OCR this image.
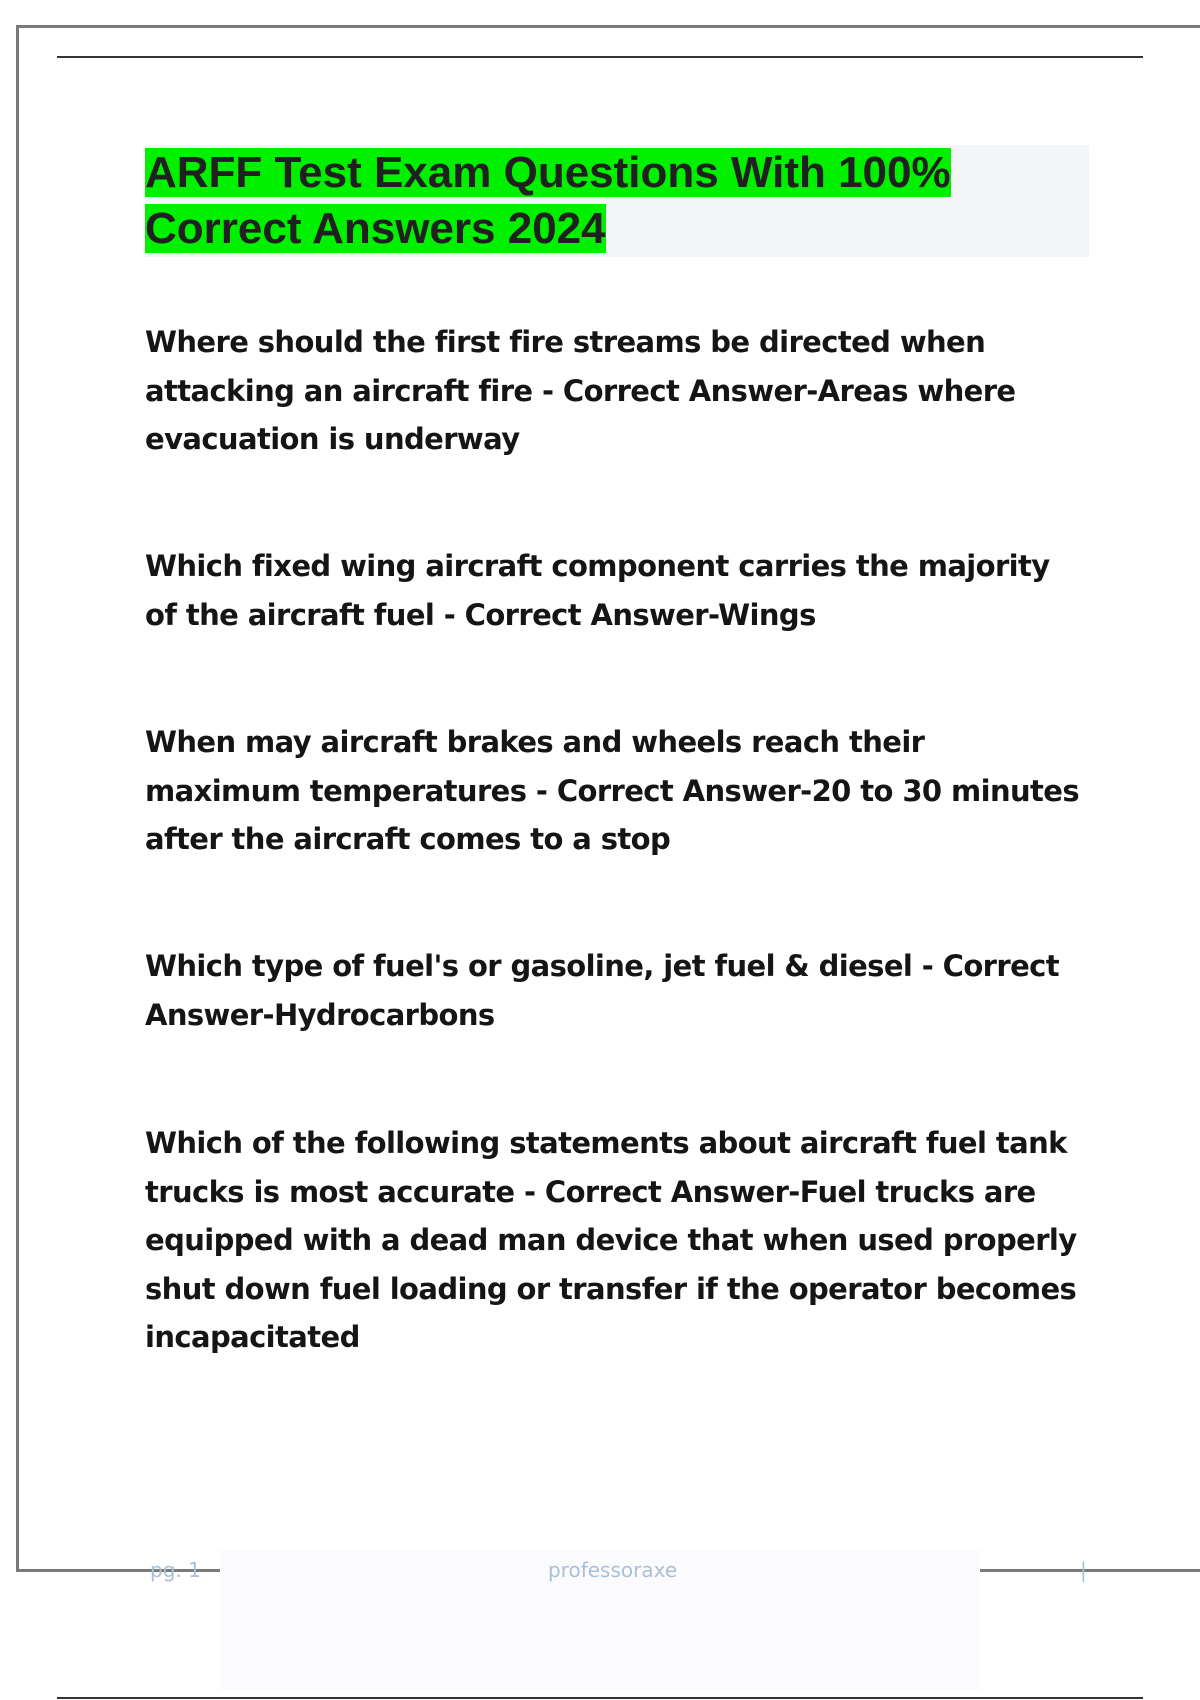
ARFF Test Exam Questions With 100%
Correct Answers 2024

Where should the first fire streams be directed when attacking an aircraft fire - Correct Answer-Areas where evacuation is underway

Which fixed wing aircraft component carries the majority of the aircraft fuel - Correct Answer-Wings

When may aircraft brakes and wheels reach their maximum temperatures - Correct Answer-20 to 30 minutes after the aircraft comes to a stop

Which type of fuel's or gasoline, jet fuel & diesel - Correct Answer-Hydrocarbons

Which of the following statements about aircraft fuel tank trucks is most accurate - Correct Answer-Fuel trucks are equipped with a dead man device that when used properly shut down fuel loading or transfer if the operator becomes incapacitated

pg. 1	professoraxe	|
